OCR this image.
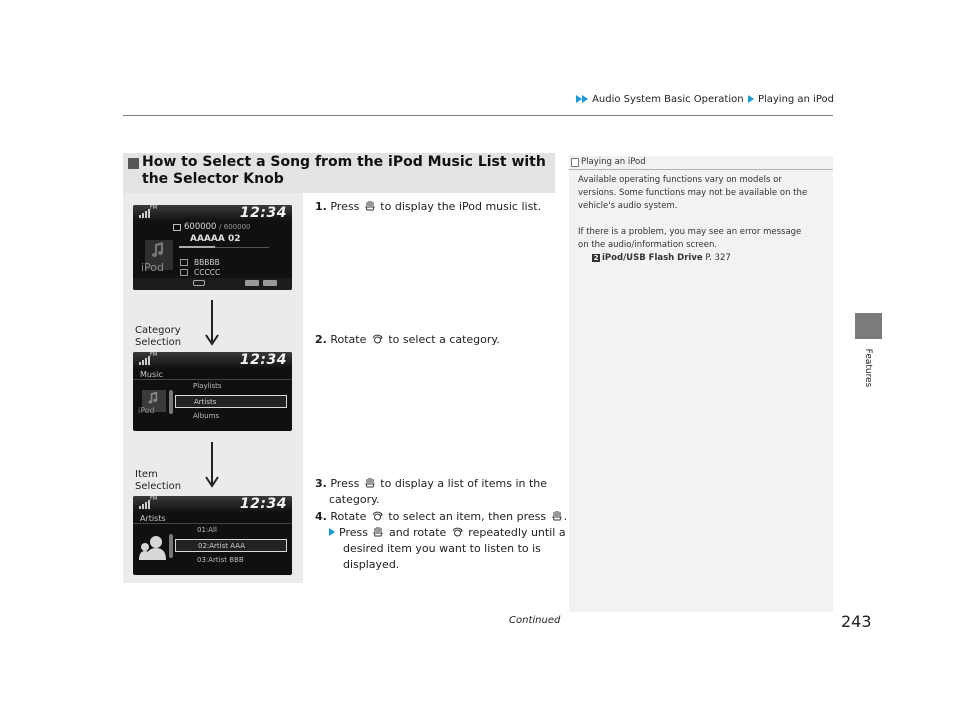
Audio System Basic Operation Playing an iPod
Features
How to Select a Song from the iPod Music List with the Selector Knob
FM	12:34
600000 / 600000
AAAAA 02
iPod	BBBBB
CCCCC
Category
Selection
FM	12:34
Music
iPod
Playlists
Artists
Albums
Item
Selection
FM	12:34
Artists
01:All
02:Artist AAA
03:Artist BBB
1. Press to display the iPod music list.
2. Rotate to select a category.
3. Press to display a list of items in the
category.
4. Rotate to select an item, then press .
Press and rotate repeatedly until a
desired item you want to listen to is
displayed.
Playing an iPod
Available operating functions vary on models or
versions. Some functions may not be available on the
vehicle's audio system.
If there is a problem, you may see an error message
on the audio/information screen.
2 iPod/USB Flash Drive P. 327
Continued	243
